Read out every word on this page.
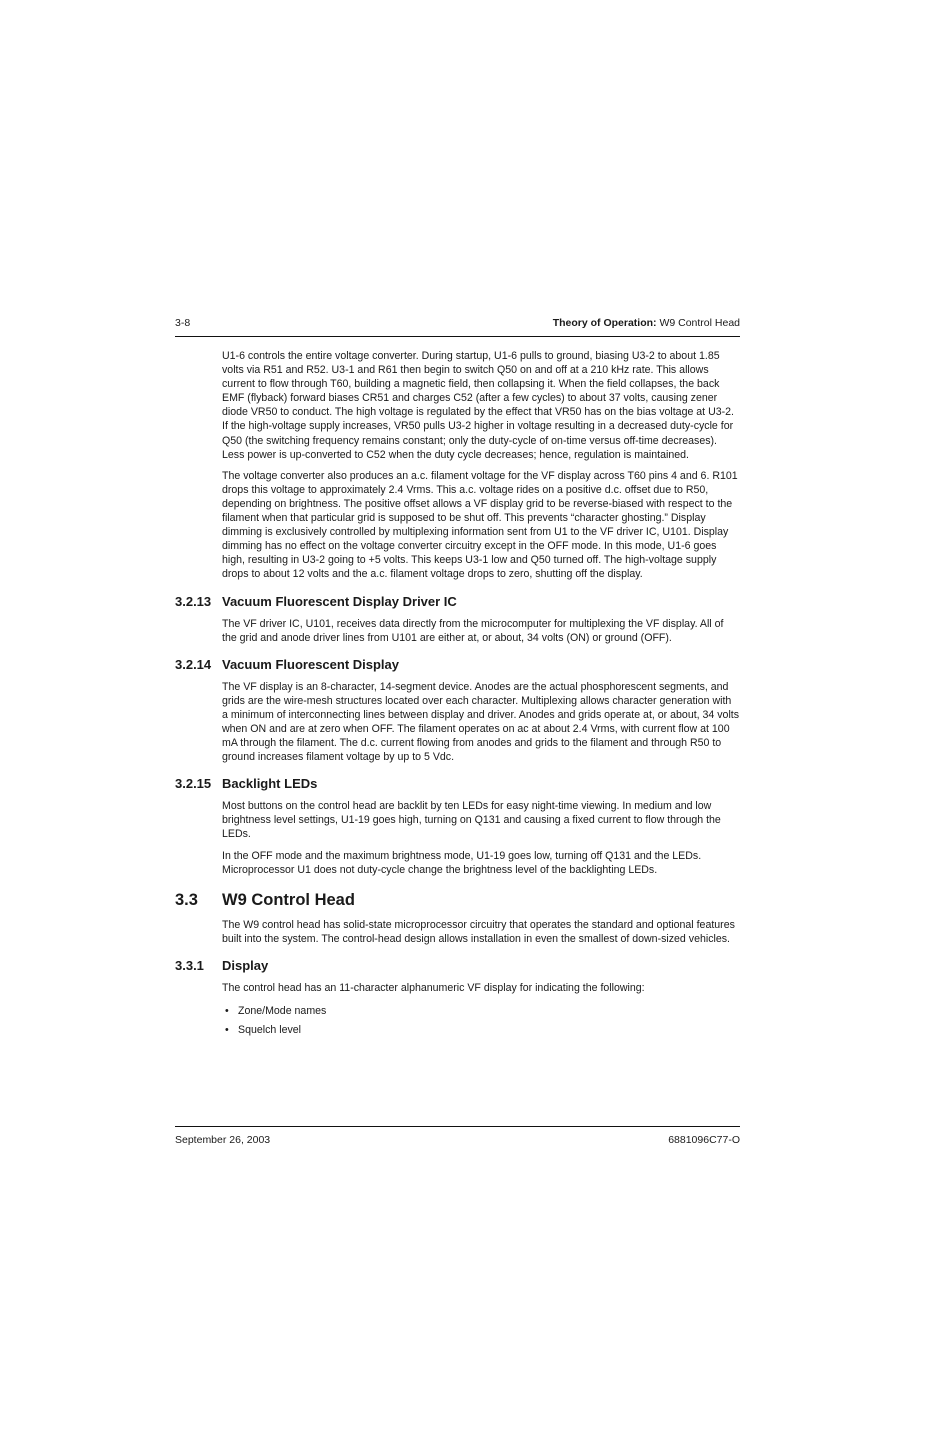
3-8	Theory of Operation: W9 Control Head

U1-6 controls the entire voltage converter. During startup, U1-6 pulls to ground, biasing U3-2 to about 1.85 volts via R51 and R52. U3-1 and R61 then begin to switch Q50 on and off at a 210 kHz rate. This allows current to flow through T60, building a magnetic field, then collapsing it. When the field collapses, the back EMF (flyback) forward biases CR51 and charges C52 (after a few cycles) to about 37 volts, causing zener diode VR50 to conduct. The high voltage is regulated by the effect that VR50 has on the bias voltage at U3-2. If the high-voltage supply increases, VR50 pulls U3-2 higher in voltage resulting in a decreased duty-cycle for Q50 (the switching frequency remains constant; only the duty-cycle of on-time versus off-time decreases). Less power is up-converted to C52 when the duty cycle decreases; hence, regulation is maintained.

The voltage converter also produces an a.c. filament voltage for the VF display across T60 pins 4 and 6. R101 drops this voltage to approximately 2.4 Vrms. This a.c. voltage rides on a positive d.c. offset due to R50, depending on brightness. The positive offset allows a VF display grid to be reverse-biased with respect to the filament when that particular grid is supposed to be shut off. This prevents “character ghosting.” Display dimming is exclusively controlled by multiplexing information sent from U1 to the VF driver IC, U101. Display dimming has no effect on the voltage converter circuitry except in the OFF mode. In this mode, U1-6 goes high, resulting in U3-2 going to +5 volts. This keeps U3-1 low and Q50 turned off. The high-voltage supply drops to about 12 volts and the a.c. filament voltage drops to zero, shutting off the display.

3.2.13 Vacuum Fluorescent Display Driver IC

The VF driver IC, U101, receives data directly from the microcomputer for multiplexing the VF display. All of the grid and anode driver lines from U101 are either at, or about, 34 volts (ON) or ground (OFF).

3.2.14 Vacuum Fluorescent Display

The VF display is an 8-character, 14-segment device. Anodes are the actual phosphorescent segments, and grids are the wire-mesh structures located over each character. Multiplexing allows character generation with a minimum of interconnecting lines between display and driver. Anodes and grids operate at, or about, 34 volts when ON and are at zero when OFF. The filament operates on ac at about 2.4 Vrms, with current flow at 100 mA through the filament. The d.c. current flowing from anodes and grids to the filament and through R50 to ground increases filament voltage by up to 5 Vdc.

3.2.15 Backlight LEDs

Most buttons on the control head are backlit by ten LEDs for easy night-time viewing. In medium and low brightness level settings, U1-19 goes high, turning on Q131 and causing a fixed current to flow through the LEDs.

In the OFF mode and the maximum brightness mode, U1-19 goes low, turning off Q131 and the LEDs. Microprocessor U1 does not duty-cycle change the brightness level of the backlighting LEDs.

3.3	W9 Control Head

The W9 control head has solid-state microprocessor circuitry that operates the standard and optional features built into the system. The control-head design allows installation in even the smallest of down-sized vehicles.

3.3.1	Display

The control head has an 11-character alphanumeric VF display for indicating the following:

• Zone/Mode names
• Squelch level
September 26, 2003	6881096C77-O
